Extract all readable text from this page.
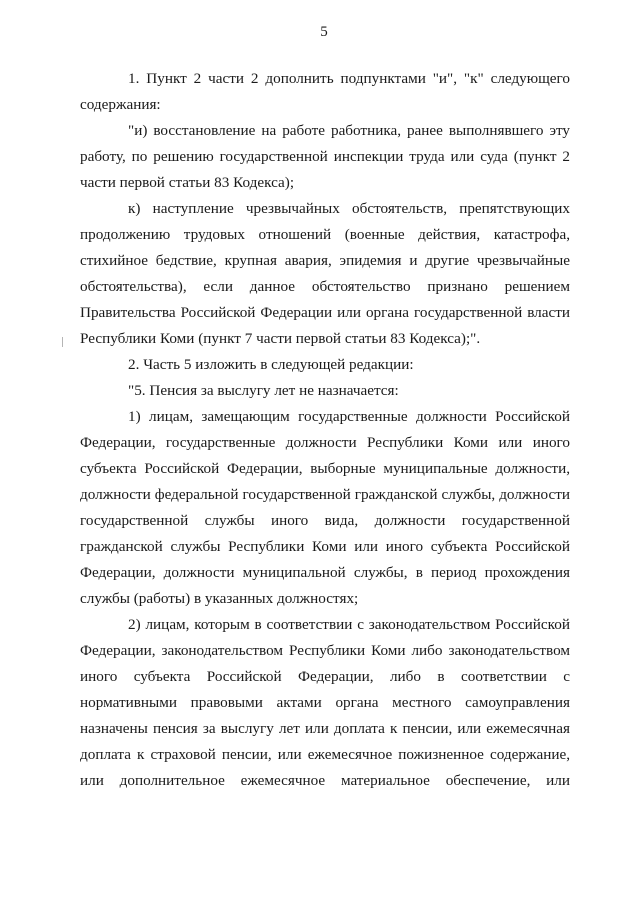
5

1. Пункт 2 части 2 дополнить подпунктами "и", "к" следующего содержания:

"и) восстановление на работе работника, ранее выполнявшего эту работу, по решению государственной инспекции труда или суда (пункт 2 части первой статьи 83 Кодекса);

к) наступление чрезвычайных обстоятельств, препятствующих продолжению трудовых отношений (военные действия, катастрофа, стихийное бедствие, крупная авария, эпидемия и другие чрезвычайные обстоятельства), если данное обстоятельство признано решением Правительства Российской Федерации или органа государственной власти Республики Коми (пункт 7 части первой статьи 83 Кодекса);".

2. Часть 5 изложить в следующей редакции:

"5. Пенсия за выслугу лет не назначается:

1) лицам, замещающим государственные должности Российской Федерации, государственные должности Республики Коми или иного субъекта Российской Федерации, выборные муниципальные должности, должности федеральной государственной гражданской службы, должности государственной службы иного вида, должности государственной гражданской службы Республики Коми или иного субъекта Российской Федерации, должности муниципальной службы, в период прохождения службы (работы) в указанных должностях;

2) лицам, которым в соответствии с законодательством Российской Федерации, законодательством Республики Коми либо законодательством иного субъекта Российской Федерации, либо в соответствии с нормативными правовыми актами органа местного самоуправления назначены пенсия за выслугу лет или доплата к пенсии, или ежемесячная доплата к страховой пенсии, или ежемесячное пожизненное содержание, или дополнительное ежемесячное материальное обеспечение, или
